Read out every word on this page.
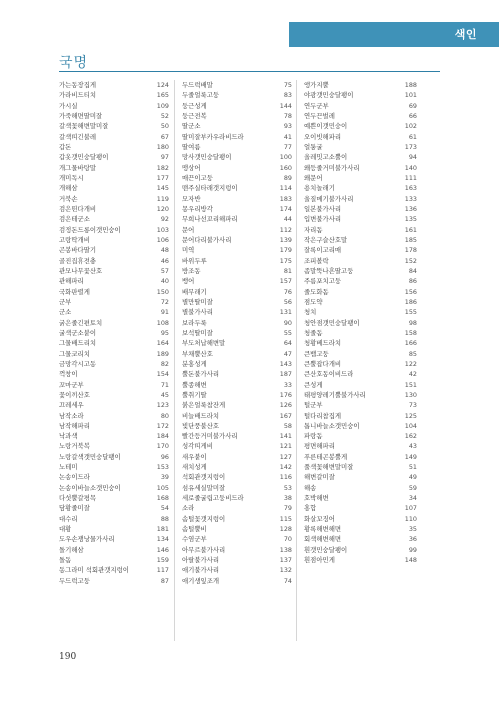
색인
국명
가는동장집게	124
가라비드티치	165
가시실	109
가죽해면딸미잘	52
갈색꽃해변말미잘	50
갈색띠긴불레	67
갑돈	180
갑옷갯민숭달팽이	97
개그물바탕말	182
개미독시	177
개해삼	145
거북손	119
검은띤다개비	120
검은테군소	92
검정돈드롱이갯민숭이	103
고랑딱개비	106
곤봉바다딸기	48
골진집휴전충	46
관모나무꽃산호	57
관해파리	40
국화판렬게	150
군부	72
군소	91
굵은줄긴편토치	108
굴색군소붙이	95
그물배드리치	164
그물코리치	189
금망각시고동	82
꺽창이	154
꼬마군부	71
꽃이끼산호	45
끄레세우	123
남작소라	80
남작해파리	172
낙과색	184
노랑거북복	170
노랑갈색갯민숭달팽이	96
노테미	153
논송이드라	39
논송이바늘소갯민숭이	105
다섯뿔갈평목	168
담황줄미잘	54
대수리	88
대황	181
도우손쟁낭물가사리	134
돌기해삼	146
돌돔	159
동그라미 석회관갯지렁이	117
두드럭고둥	87
두드럭배말	75
두줄얼룩고둥	83
둥근성게	144
둥근전복	78
딸군소	93
딸미잘부카우라비드라	41
딸여름	77
망사갯민숭달팽이	100
맹상어	160
매끈이고둥	89
맨주실타래갯지렁이	114
모자반	183
몽우리방각	174
무희나선꼬리해파리	44
문어	112
문어다리불가사리	139
미역	179
바위두루	175
방조동	81
뱅어	157
배무래기	76
별만딸미잘	56
별불가사리	131
보라두룩	90
보석딸미잘	55
부도처납해변말	64
부채뿔산호	47
분홍성게	143
뿔돈불가사리	187
뿔종해변	33
뿔취기딸	176
붉은얼룩참잔게	126
비늘배드라치	167
빛단풍불산호	58
빨간등거미불가사리	141
성각띠게비	121
새우붙이	127
새치성게	142
석회관갯지렁이	116
섬유세실말미잘	53
세로줄굴립고둥비드라	38
소라	79
솜털꽃갯지렁이	115
솜털뿔비	128
수염군부	70
아무르불가사리	138
아랄불가사리	137
애기불가사리	132
애기생잎조개	74
앵가지뿔	188
야광갯민숭달팽이	101
연두군부	69
연두끈벌레	66
예쁜이갯민숭이	102
오이빗해파리	61
얼퉁굴	173
올레밋고소뿔이	94
왜등줄거미불가사리	140
왜문어	111
용치놀래기	163
울질메기불가사리	133
일본불가사리	136
입변불가사리	135
자리돔	161
작은구슬산호말	185
잘록이고리매	178
조피볼락	152
좀말뚝나흔딸고둥	84
주름포치고둥	86
줄도화돔	156
점도약	186
청치	155
청안점갯민숭달팽이	98
청줄돔	158
청황베드라치	166
큰뱀고둥	85
큰뿔잡다개비	122
큰산호동이비드라	42
큰성게	151
태평양레기뿔불가사리	130
털군부	73
털다리참집게	125
톱니바늘소갯민숭이	104
파랑돔	162
평면해파리	43
푸른테곤봉뿔게	149
풀색꽃해변말미잘	51
해변갈미잘	49
해송	59
호박해변	34
홍합	107
화살꼬징어	110
황록해변해면	35
회색해변해면	36
흰갯민숭달팽이	99
흰점아민게	148
190
